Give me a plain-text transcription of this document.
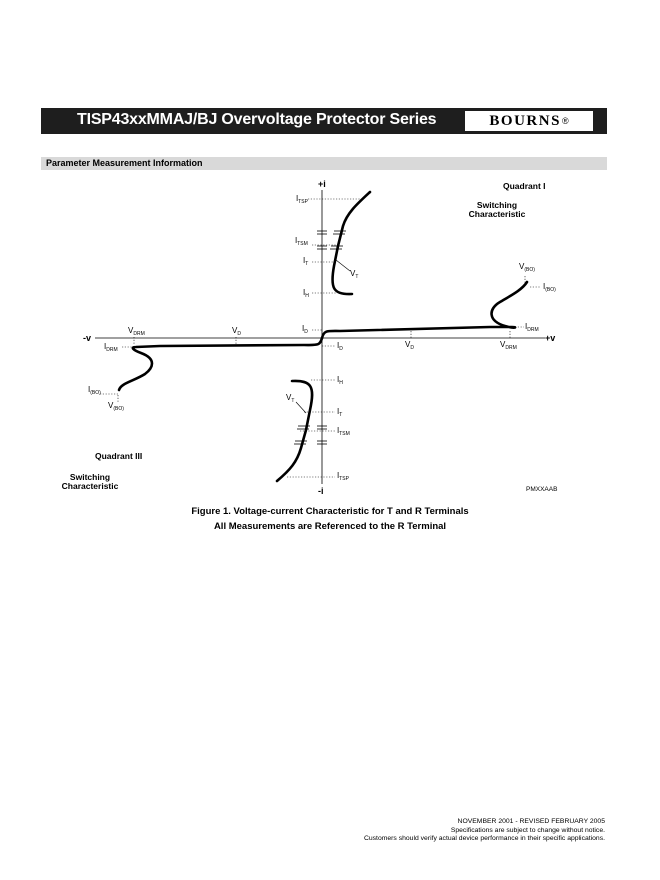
TISP43xxMMAJ/BJ Overvoltage Protector Series	BOURNS ®
Parameter Measurement Information
+i
-i
+v
-v
Quadrant I
Switching
Characteristic
Quadrant III
Switching
Characteristic
$I_{TSP}$
$I_{TSM}$
$I_T$
$I_H$
$V_T$
$I_D$
$V_{(BO)}$
$I_{(BO)}$
$I_{DRM}$
$V_D$	$V_{DRM}$
$V_{DRM}$	$V_D$
$I_{DRM}$	$I_D$
$I_{(BO)}$
$V_{(BO)}$
$I_H$
$V_T$
$I_T$
$I_{TSM}$
$I_{TSP}$
PMXXAAB
Figure 1. Voltage-current Characteristic for T and R Terminals
All Measurements are Referenced to the R Terminal
NOVEMBER 2001 - REVISED FEBRUARY 2005
Specifications are subject to change without notice.
Customers should verify actual device performance in their specific applications.
